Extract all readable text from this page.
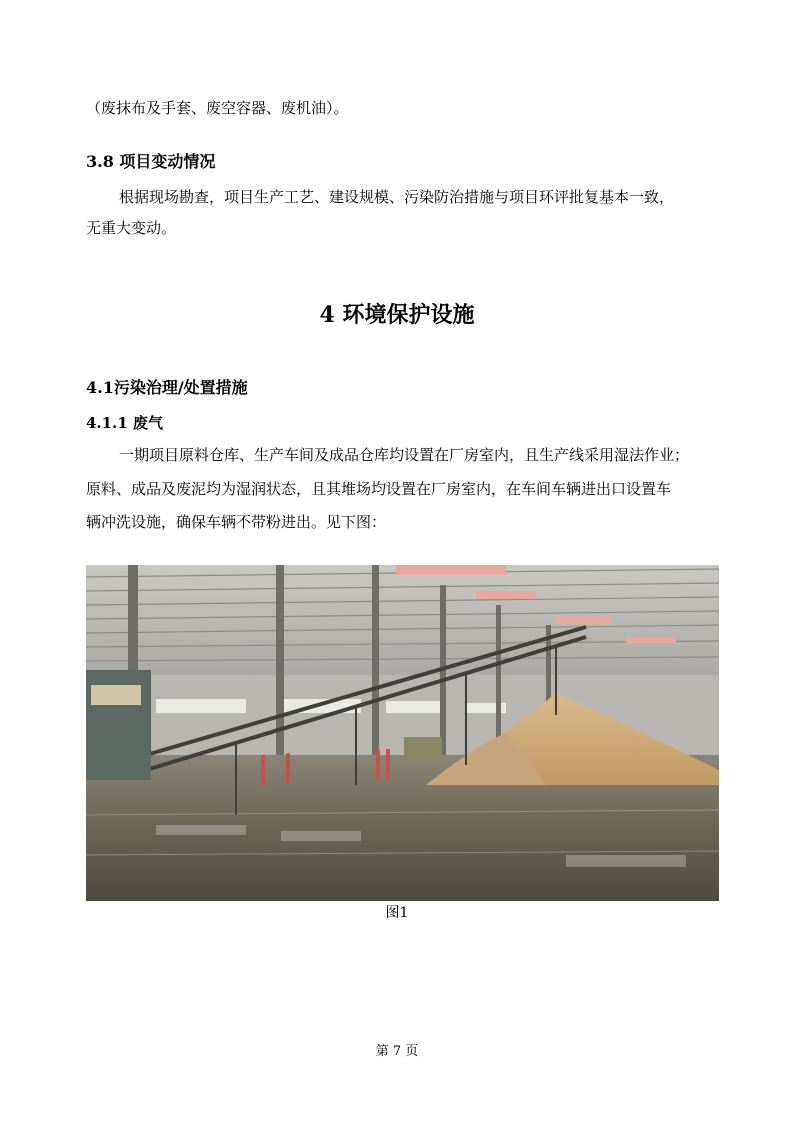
（废抹布及手套、废空容器、废机油）。
3.8 项目变动情况
根据现场勘查，项目生产工艺、建设规模、污染防治措施与项目环评批复基本一致，
无重大变动。
4 环境保护设施
4.1污染治理/处置措施
4.1.1 废气
一期项目原料仓库、生产车间及成品仓库均设置在厂房室内，且生产线采用湿法作业；
原料、成品及废泥均为湿润状态，且其堆场均设置在厂房室内，在车间车辆进出口设置车
辆冲洗设施，确保车辆不带粉进出。见下图：
图1
第 7 页
